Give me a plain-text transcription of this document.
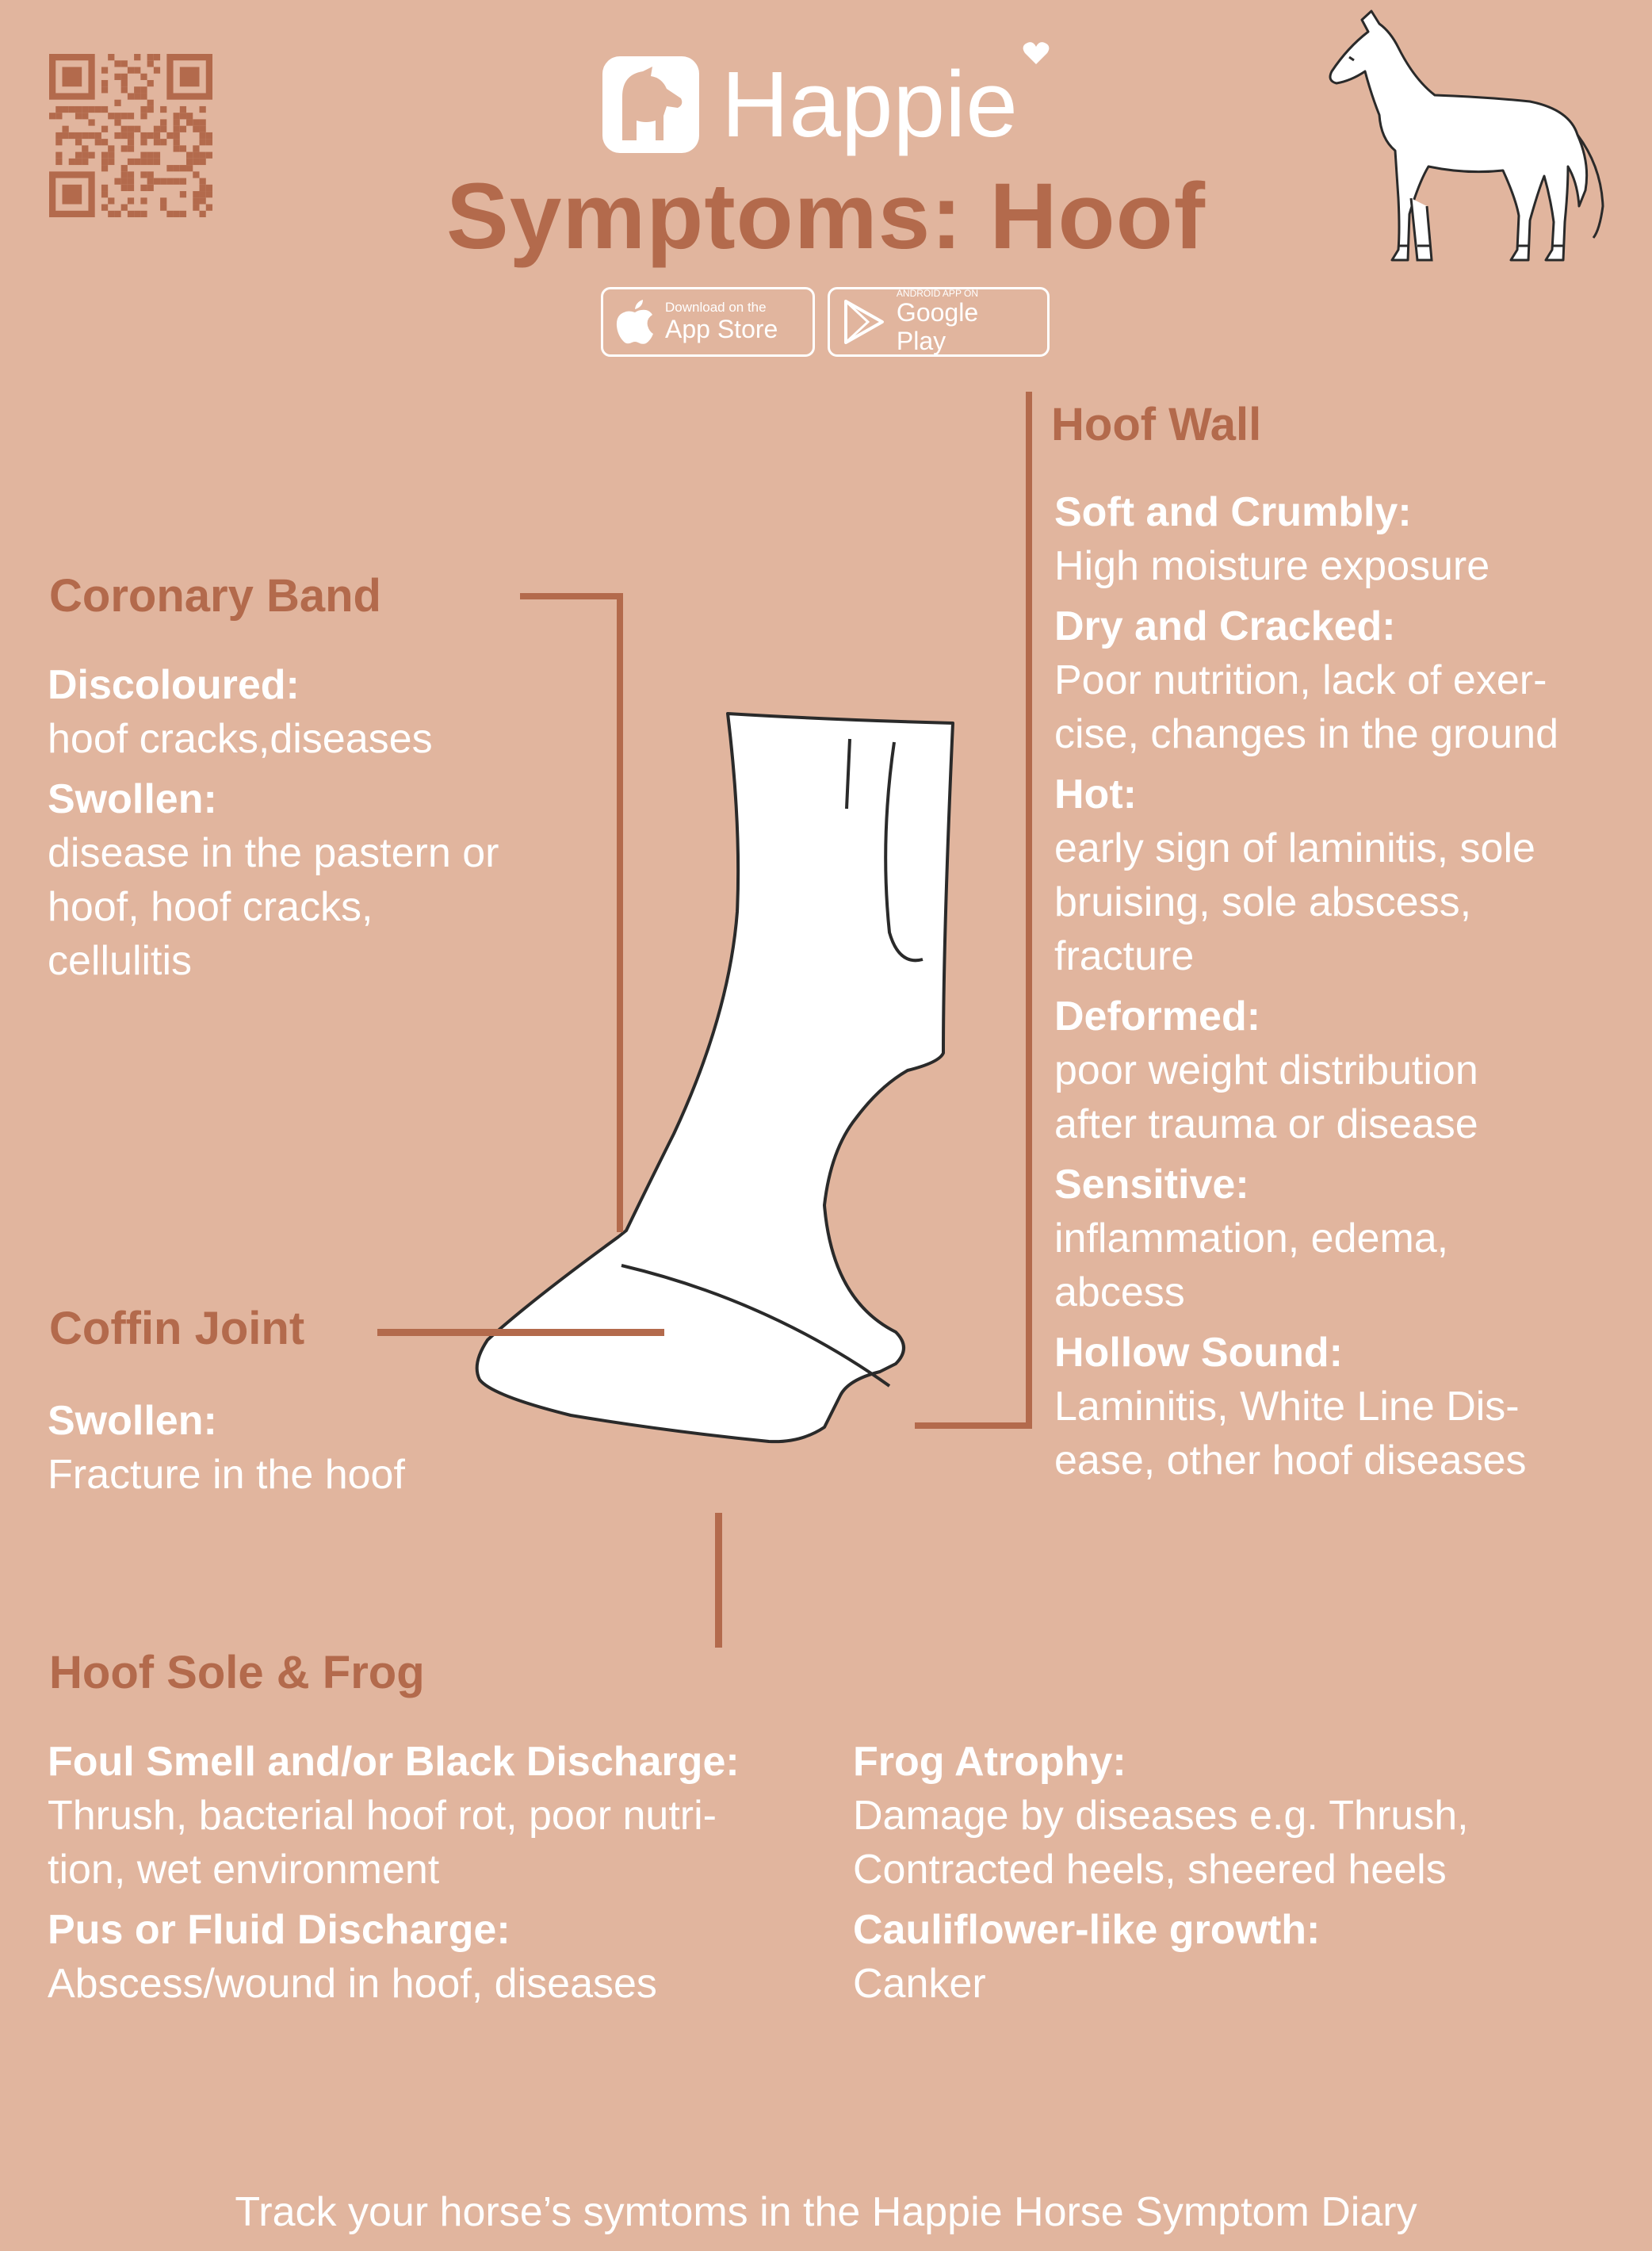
Happie
Symptoms: Hoof
Download on the
App Store
ANDROID APP ON
Google Play
Coronary Band
Discoloured:
hoof cracks,diseases
Swollen:
disease in the pastern or
hoof, hoof cracks,
cellulitis
Coffin Joint
Swollen:
Fracture in the hoof
Hoof Wall
Soft and Crumbly:
High moisture exposure
Dry and Cracked:
Poor nutrition, lack of exer-
cise, changes in the ground
Hot:
early sign of laminitis, sole
bruising, sole abscess,
fracture
Deformed:
poor weight distribution
after trauma or disease
Sensitive:
inflammation, edema,
abcess
Hollow Sound:
Laminitis, White Line Dis-
ease, other hoof diseases
Hoof Sole & Frog
Foul Smell and/or Black Discharge:
Thrush, bacterial hoof rot, poor nutri-
tion, wet environment
Pus or Fluid Discharge:
Abscess/wound in hoof, diseases
Frog Atrophy:
Damage by diseases e.g. Thrush,
Contracted heels, sheered heels
Cauliflower-like growth:
Canker
Track your horse’s symtoms in the Happie Horse Symptom Diary
